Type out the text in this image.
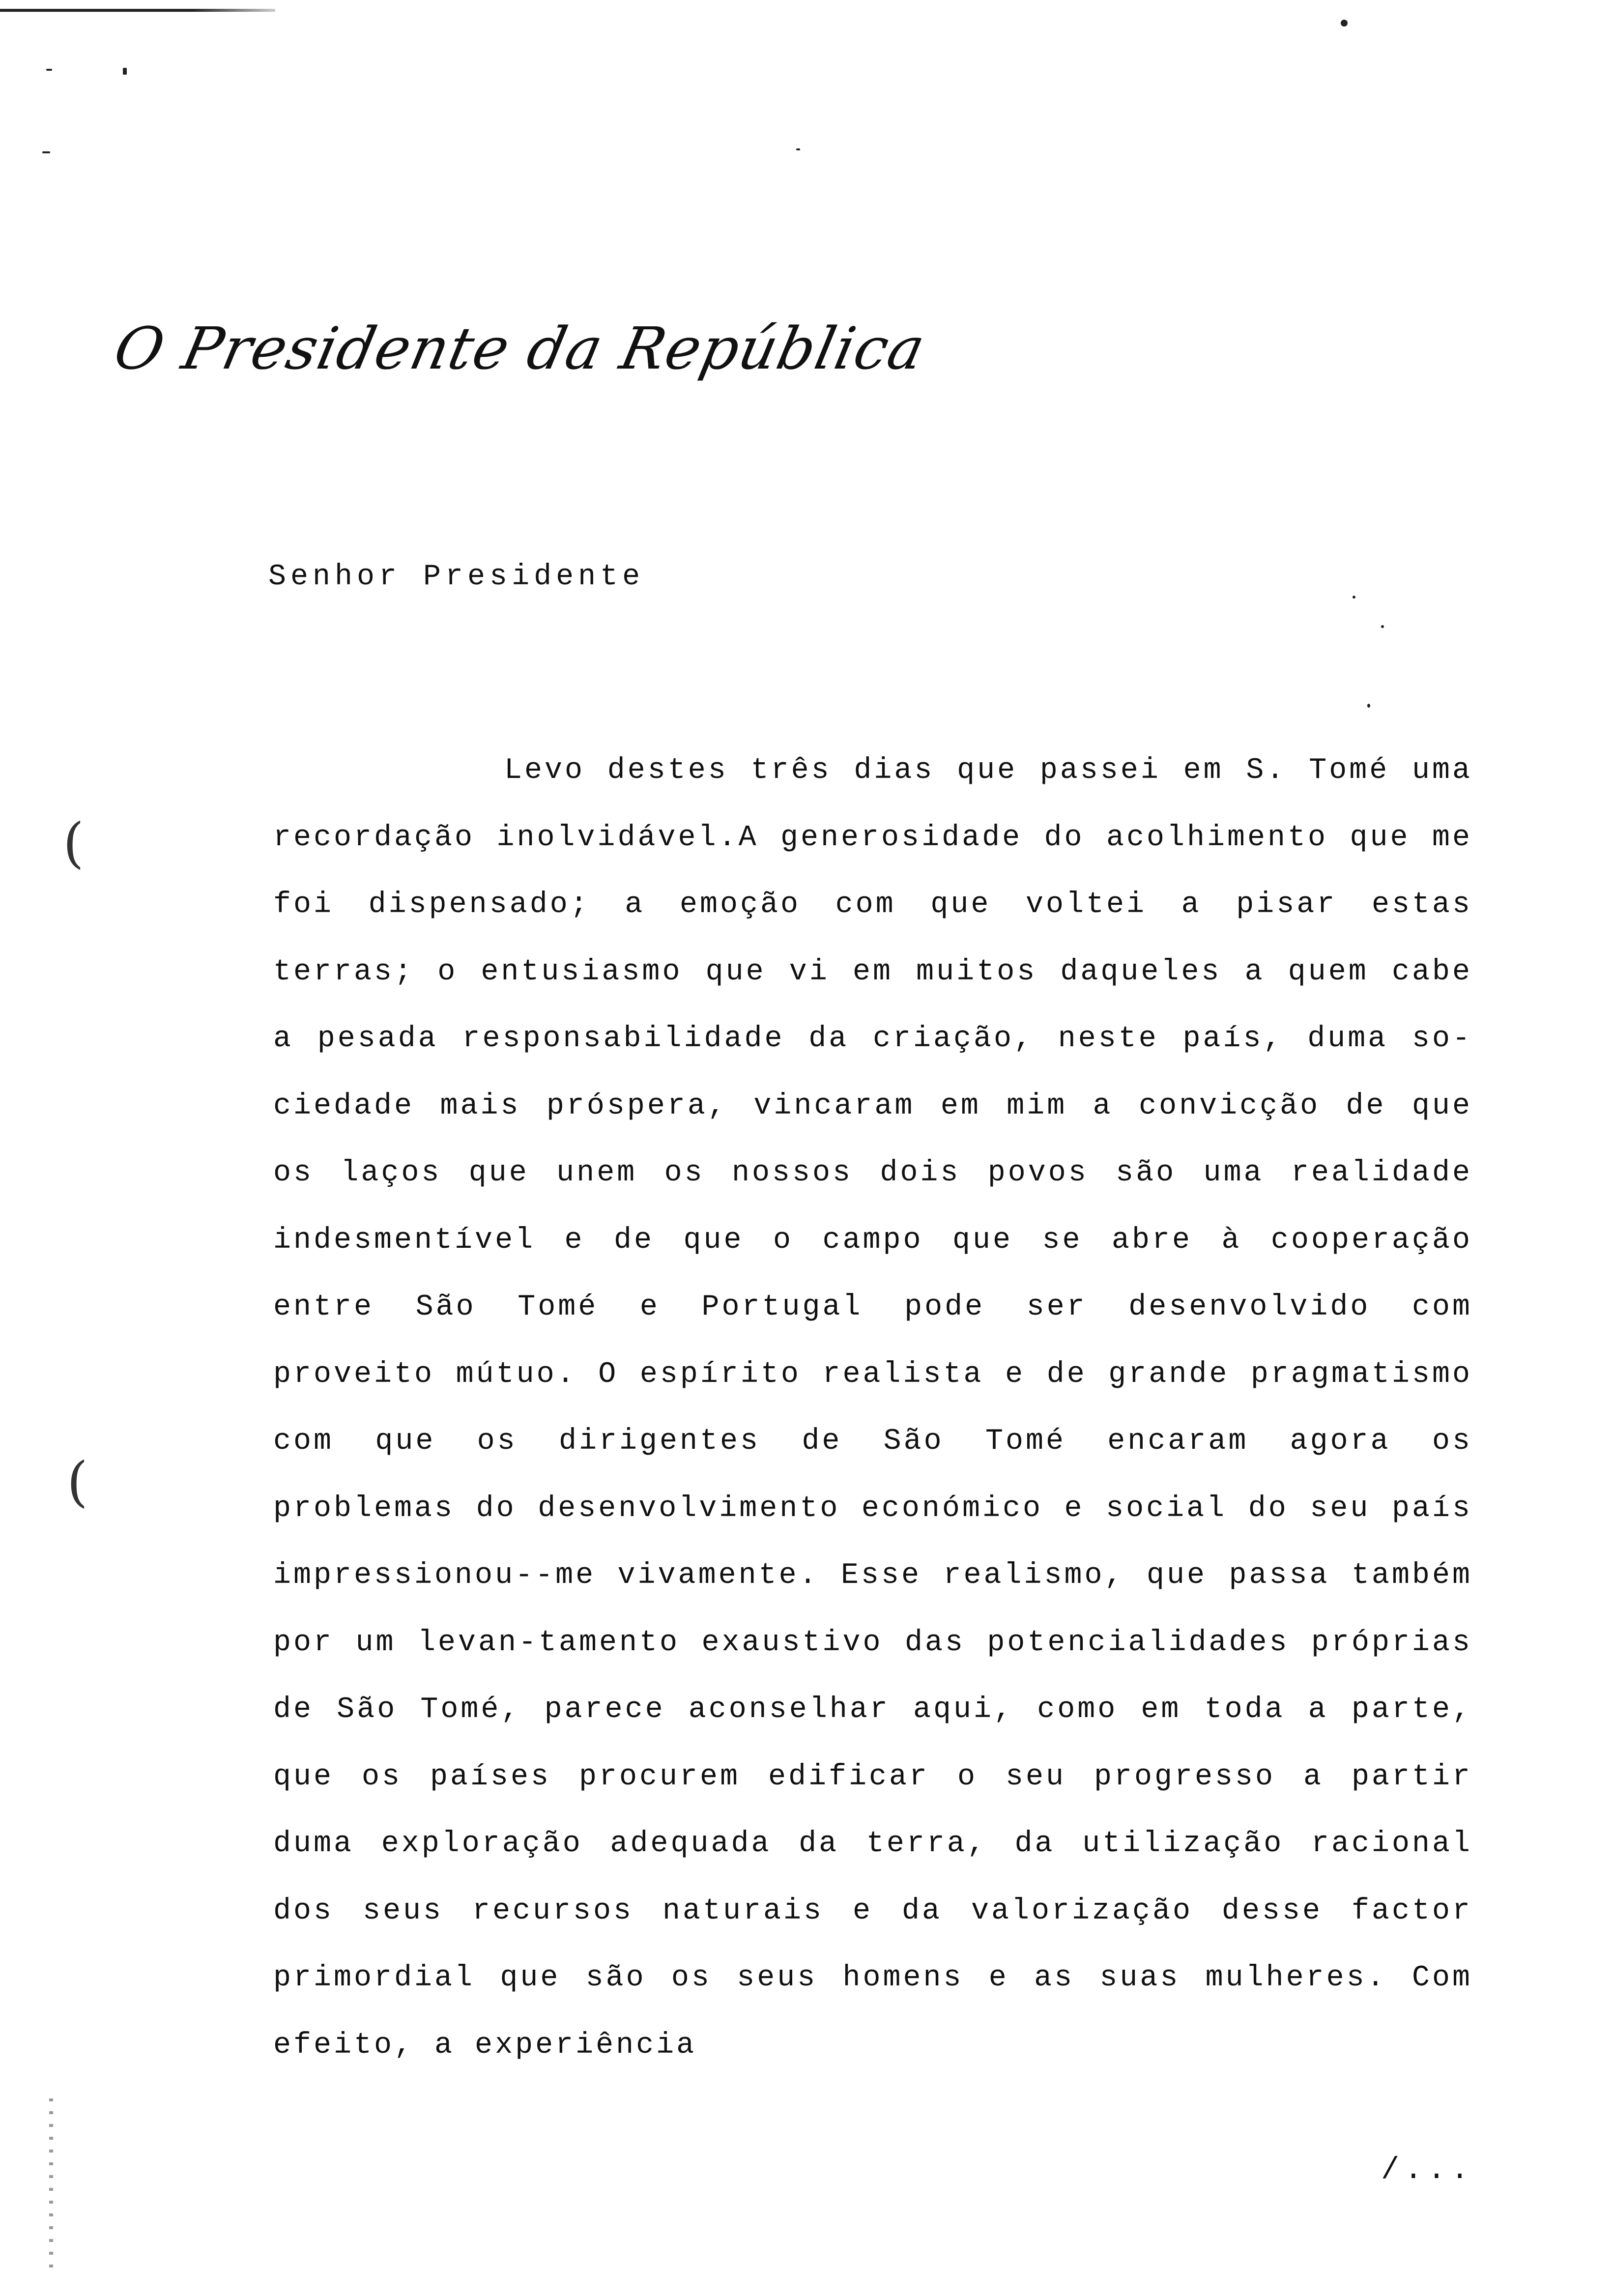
O Presidente da República
(
(
Senhor Presidente
Levo destes três dias que passei em S. Tomé uma recordação inolvidável.A generosidade do acolhimento que me foi dispensado; a emoção com que voltei a pisar estas terras; o entusiasmo que vi em muitos daqueles a quem cabe a pesada responsabilidade da criação, neste país, duma so-ciedade mais próspera, vincaram em mim a convicção de que os laços que unem os nossos dois povos são uma realidade indesmentível e de que o campo que se abre à cooperação entre São Tomé e Portugal pode ser desenvolvido com proveito mútuo. O espírito realista e de grande pragmatismo com que os dirigentes de São Tomé encaram agora os problemas do desenvolvimento económico e social do seu país impressionou--me vivamente. Esse realismo, que passa também por um levan-tamento exaustivo das potencialidades próprias de São Tomé, parece aconselhar aqui, como em toda a parte, que os países procurem edificar o seu progresso a partir duma exploração adequada da terra, da utilização racional dos seus recursos naturais e da valorização desse factor primordial que são os seus homens e as suas mulheres. Com efeito, a experiência
/...
